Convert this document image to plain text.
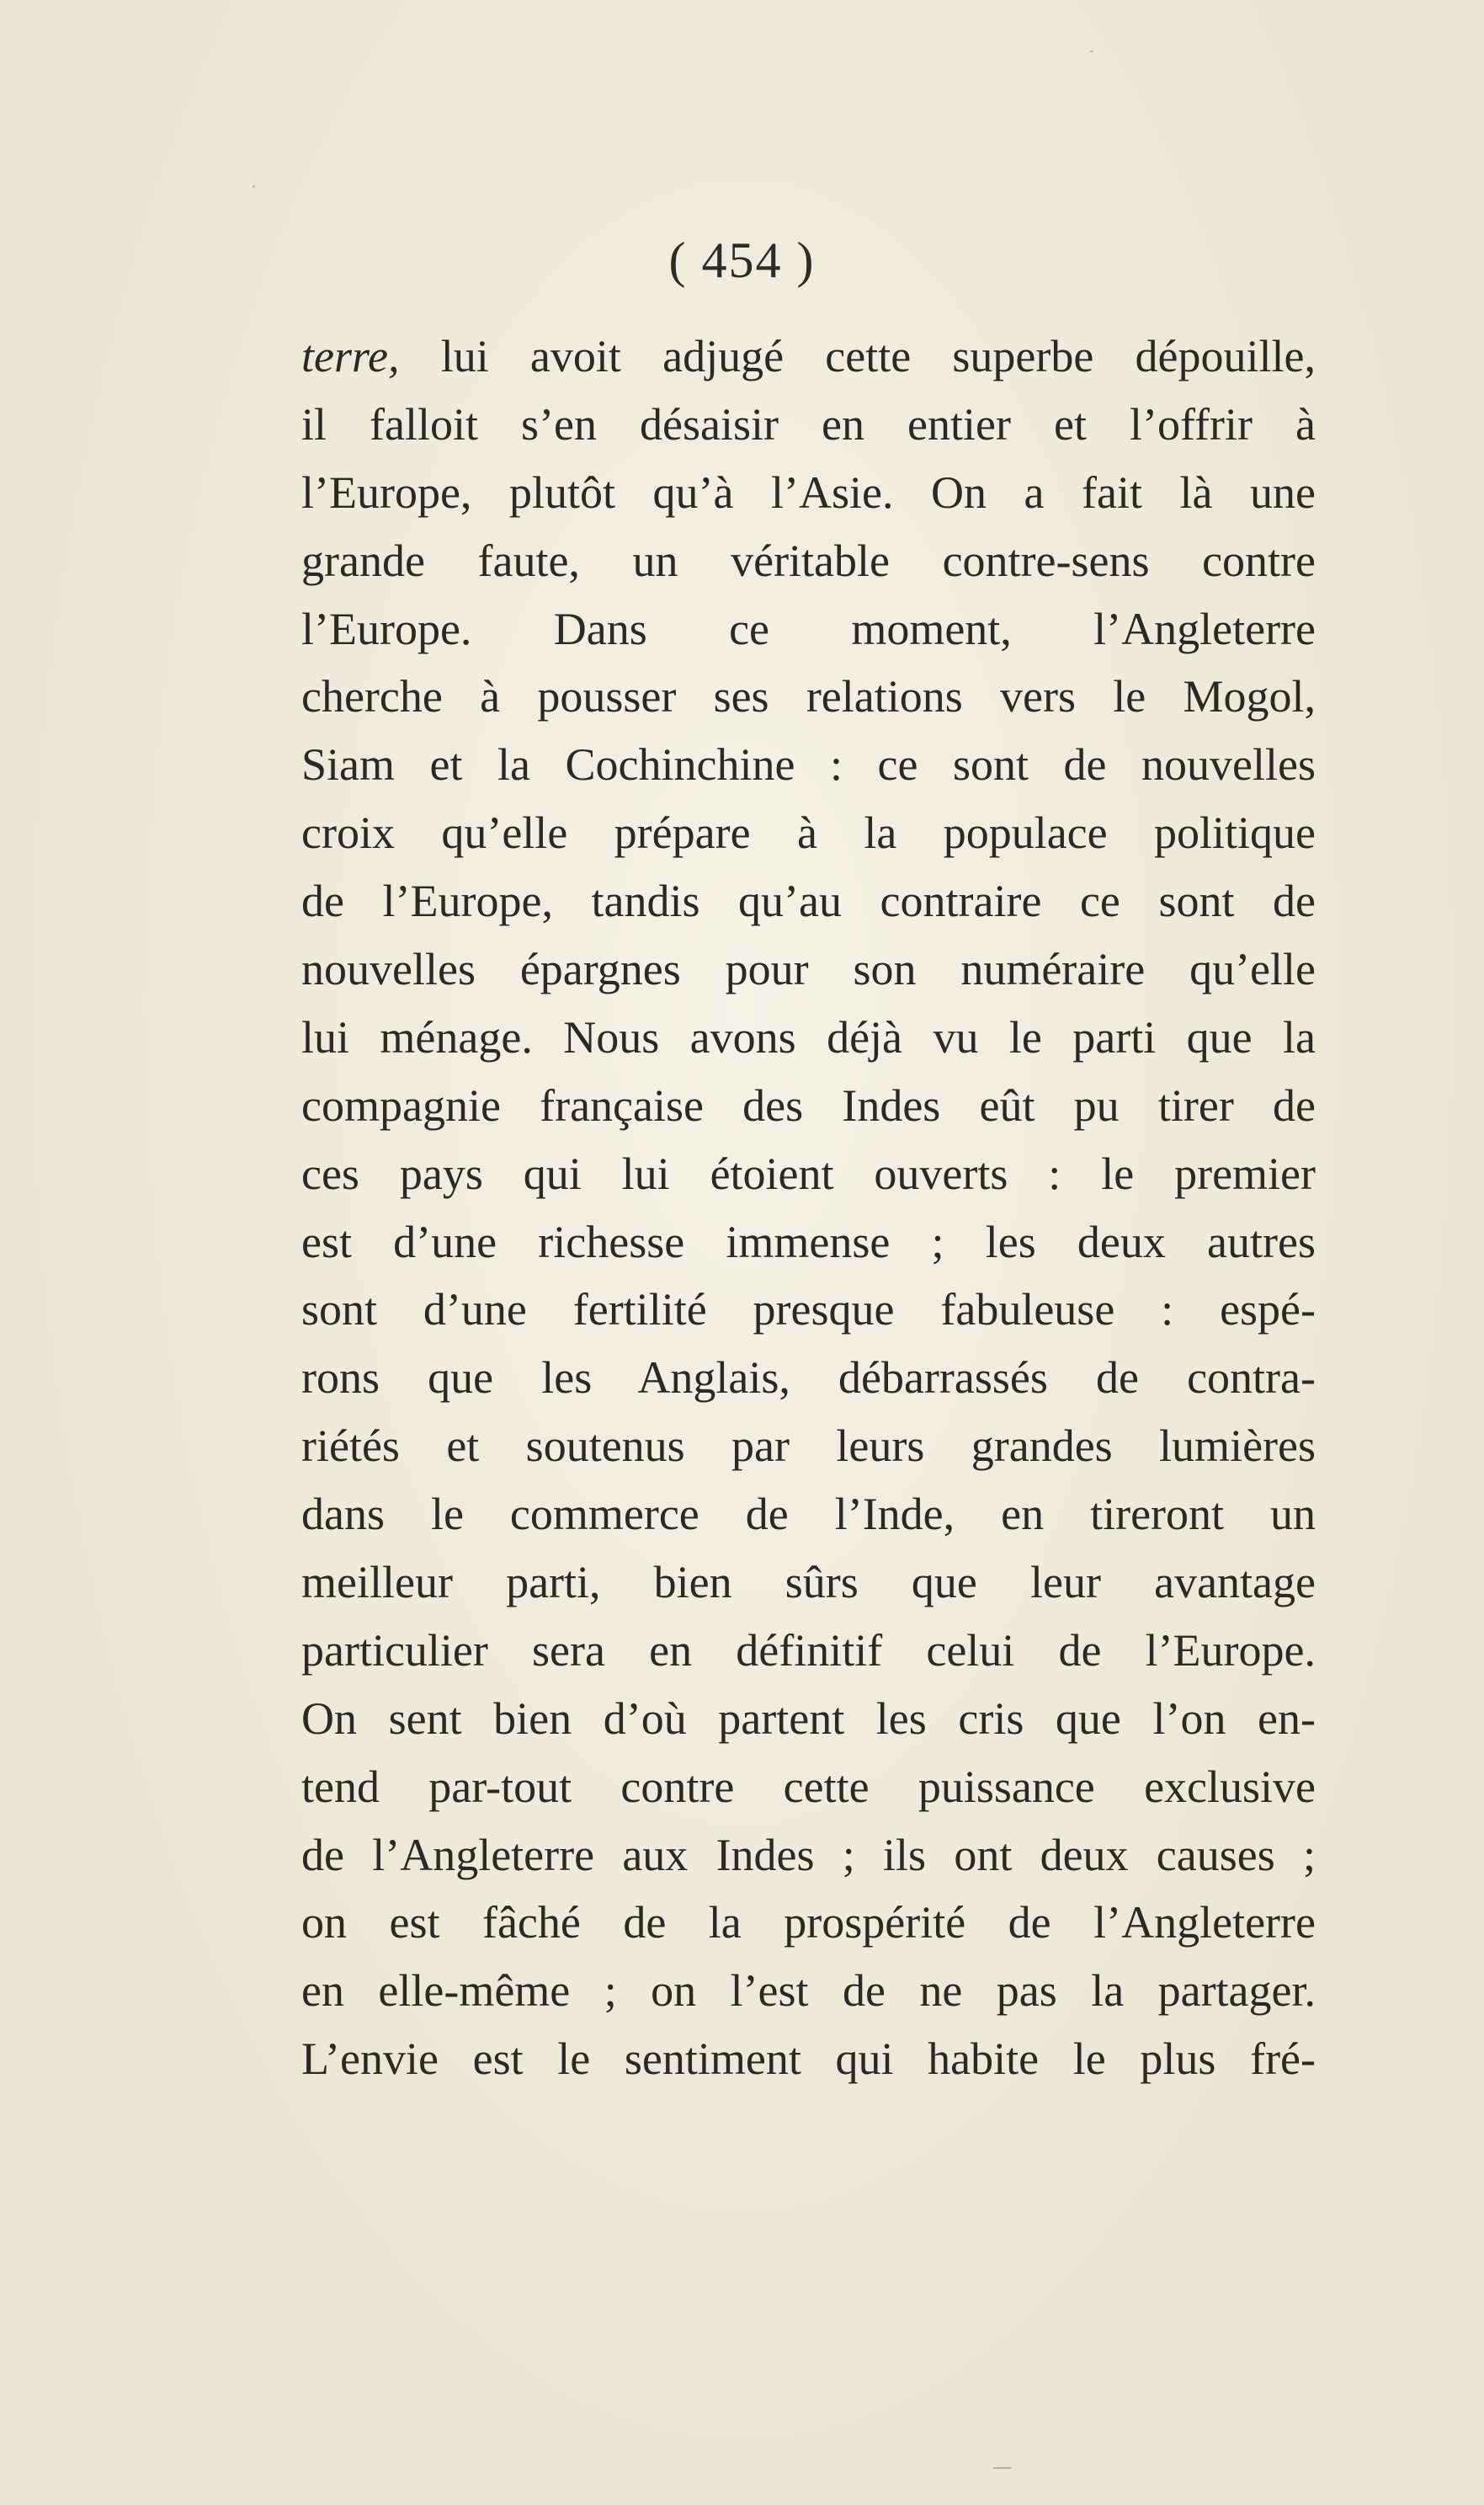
( 454 )
terre, lui avoit adjugé cette superbe dépouille,
il falloit s’en désaisir en entier et l’offrir à
l’Europe, plutôt qu’à l’Asie. On a fait là une
grande faute, un véritable contre-sens contre
l’Europe. Dans ce moment, l’Angleterre
cherche à pousser ses relations vers le Mogol,
Siam et la Cochinchine : ce sont de nouvelles
croix qu’elle prépare à la populace politique
de l’Europe, tandis qu’au contraire ce sont de
nouvelles épargnes pour son numéraire qu’elle
lui ménage. Nous avons déjà vu le parti que la
compagnie française des Indes eût pu tirer de
ces pays qui lui étoient ouverts : le premier
est d’une richesse immense ; les deux autres
sont d’une fertilité presque fabuleuse : espé-
rons que les Anglais, débarrassés de contra-
riétés et soutenus par leurs grandes lumières
dans le commerce de l’Inde, en tireront un
meilleur parti, bien sûrs que leur avantage
particulier sera en définitif celui de l’Europe.
On sent bien d’où partent les cris que l’on en-
tend par-tout contre cette puissance exclusive
de l’Angleterre aux Indes ; ils ont deux causes ;
on est fâché de la prospérité de l’Angleterre
en elle-même ; on l’est de ne pas la partager.
L’envie est le sentiment qui habite le plus fré-
